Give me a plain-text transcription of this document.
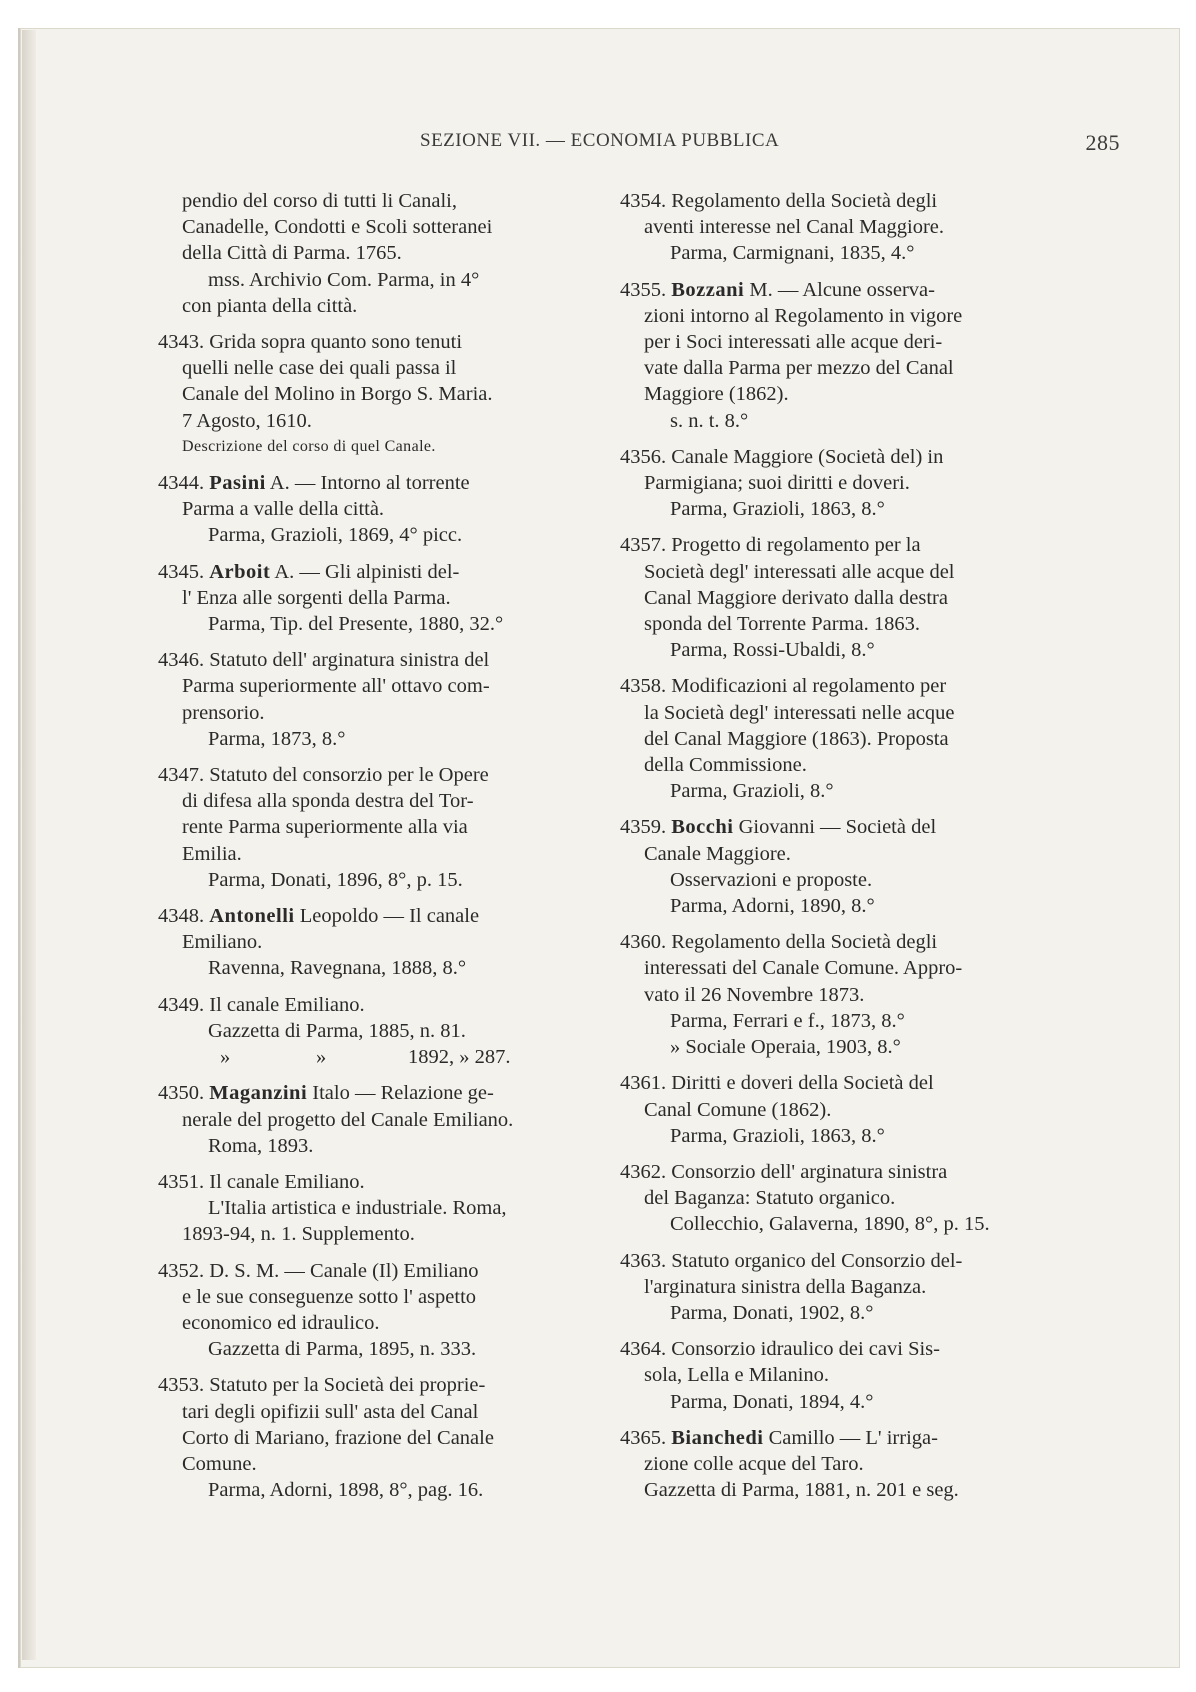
SEZIONE VII. — ECONOMIA PUBBLICA	285
pendio del corso di tutti li Canali,
Canadelle, Condotti e Scoli sotteranei
della Città di Parma. 1765.
mss. Archivio Com. Parma, in 4°
con pianta della città.
4343. Grida sopra quanto sono tenuti
quelli nelle case dei quali passa il
Canale del Molino in Borgo S. Maria.
7 Agosto, 1610.
Descrizione del corso di quel Canale.
4344. Pasini A. — Intorno al torrente
Parma a valle della città.
Parma, Grazioli, 1869, 4° picc.
4345. Arboit A. — Gli alpinisti del-
l' Enza alle sorgenti della Parma.
Parma, Tip. del Presente, 1880, 32.°
4346. Statuto dell' arginatura sinistra del
Parma superiormente all' ottavo com-
prensorio.
Parma, 1873, 8.°
4347. Statuto del consorzio per le Opere
di difesa alla sponda destra del Tor-
rente Parma superiormente alla via
Emilia.
Parma, Donati, 1896, 8°, p. 15.
4348. Antonelli Leopoldo — Il canale
Emiliano.
Ravenna, Ravegnana, 1888, 8.°
4349. Il canale Emiliano.
Gazzetta di Parma, 1885, n. 81.
»	»	1892, » 287.
4350. Maganzini Italo — Relazione ge-
nerale del progetto del Canale Emiliano.
Roma, 1893.
4351. Il canale Emiliano.
L'Italia artistica e industriale. Roma,
1893-94, n. 1. Supplemento.
4352. D. S. M. — Canale (Il) Emiliano
e le sue conseguenze sotto l' aspetto
economico ed idraulico.
Gazzetta di Parma, 1895, n. 333.
4353. Statuto per la Società dei proprie-
tari degli opifizii sull' asta del Canal
Corto di Mariano, frazione del Canale
Comune.
Parma, Adorni, 1898, 8°, pag. 16.
4354. Regolamento della Società degli
aventi interesse nel Canal Maggiore.
Parma, Carmignani, 1835, 4.°
4355. Bozzani M. — Alcune osserva-
zioni intorno al Regolamento in vigore
per i Soci interessati alle acque deri-
vate dalla Parma per mezzo del Canal
Maggiore (1862).
s. n. t. 8.°
4356. Canale Maggiore (Società del) in
Parmigiana; suoi diritti e doveri.
Parma, Grazioli, 1863, 8.°
4357. Progetto di regolamento per la
Società degl' interessati alle acque del
Canal Maggiore derivato dalla destra
sponda del Torrente Parma. 1863.
Parma, Rossi-Ubaldi, 8.°
4358. Modificazioni al regolamento per
la Società degl' interessati nelle acque
del Canal Maggiore (1863). Proposta
della Commissione.
Parma, Grazioli, 8.°
4359. Bocchi Giovanni — Società del
Canale Maggiore.
Osservazioni e proposte.
Parma, Adorni, 1890, 8.°
4360. Regolamento della Società degli
interessati del Canale Comune. Appro-
vato il 26 Novembre 1873.
Parma, Ferrari e f., 1873, 8.°
» Sociale Operaia, 1903, 8.°
4361. Diritti e doveri della Società del
Canal Comune (1862).
Parma, Grazioli, 1863, 8.°
4362. Consorzio dell' arginatura sinistra
del Baganza: Statuto organico.
Collecchio, Galaverna, 1890, 8°, p. 15.
4363. Statuto organico del Consorzio del-
l'arginatura sinistra della Baganza.
Parma, Donati, 1902, 8.°
4364. Consorzio idraulico dei cavi Sis-
sola, Lella e Milanino.
Parma, Donati, 1894, 4.°
4365. Bianchedi Camillo — L' irriga-
zione colle acque del Taro.
Gazzetta di Parma, 1881, n. 201 e seg.
